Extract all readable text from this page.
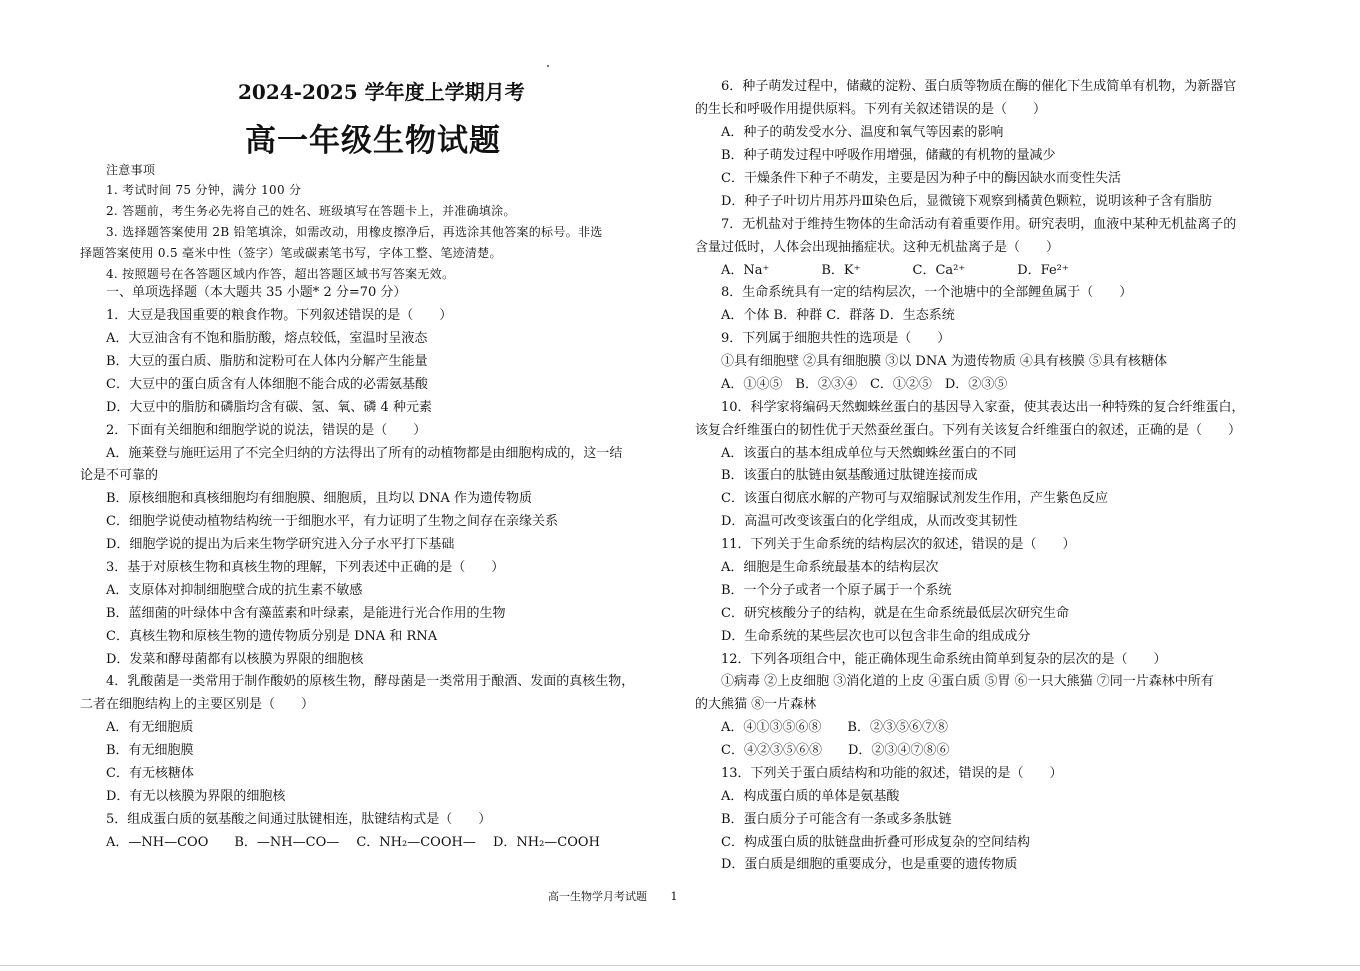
2024-2025 学年度上学期月考
高一年级生物试题
注意事项
1. 考试时间 75 分钟，满分 100 分
2. 答题前，考生务必先将自己的姓名、班级填写在答题卡上，并准确填涂。
3. 选择题答案使用 2B 铅笔填涂，如需改动，用橡皮擦净后，再选涂其他答案的标号。非选
择题答案使用 0.5 毫米中性（签字）笔或碳素笔书写，字体工整、笔迹清楚。
4. 按照题号在各答题区域内作答，超出答题区域书写答案无效。
一、单项选择题（本大题共 35 小题* 2 分=70 分）
1．大豆是我国重要的粮食作物。下列叙述错误的是（　　）
A．大豆油含有不饱和脂肪酸，熔点较低，室温时呈液态
B．大豆的蛋白质、脂肪和淀粉可在人体内分解产生能量
C．大豆中的蛋白质含有人体细胞不能合成的必需氨基酸
D．大豆中的脂肪和磷脂均含有碳、氢、氧、磷 4 种元素
2．下面有关细胞和细胞学说的说法，错误的是（　　）
A．施莱登与施旺运用了不完全归纳的方法得出了所有的动植物都是由细胞构成的，这一结
论是不可靠的
B．原核细胞和真核细胞均有细胞膜、细胞质，且均以 DNA 作为遗传物质
C．细胞学说使动植物结构统一于细胞水平，有力证明了生物之间存在亲缘关系
D．细胞学说的提出为后来生物学研究进入分子水平打下基础
3．基于对原核生物和真核生物的理解，下列表述中正确的是（　　）
A．支原体对抑制细胞壁合成的抗生素不敏感
B．蓝细菌的叶绿体中含有藻蓝素和叶绿素，是能进行光合作用的生物
C．真核生物和原核生物的遗传物质分别是 DNA 和 RNA
D．发菜和酵母菌都有以核膜为界限的细胞核
4．乳酸菌是一类常用于制作酸奶的原核生物，酵母菌是一类常用于酿酒、发面的真核生物，
二者在细胞结构上的主要区别是（　　）
A．有无细胞质
B．有无细胞膜
C．有无核糖体
D．有无以核膜为界限的细胞核
5．组成蛋白质的氨基酸之间通过肽键相连，肽键结构式是（　　）
A．—NH—COO　　B．—NH—CO—　 C．NH₂—COOH—　 D．NH₂—COOH
6．种子萌发过程中，储藏的淀粉、蛋白质等物质在酶的催化下生成简单有机物，为新器官
的生长和呼吸作用提供原料。下列有关叙述错误的是（　　）
A．种子的萌发受水分、温度和氧气等因素的影响
B．种子萌发过程中呼吸作用增强，储藏的有机物的量减少
C．干燥条件下种子不萌发，主要是因为种子中的酶因缺水而变性失活
D．种子子叶切片用苏丹Ⅲ染色后，显微镜下观察到橘黄色颗粒，说明该种子含有脂肪
7．无机盐对于维持生物体的生命活动有着重要作用。研究表明，血液中某种无机盐离子的
含量过低时，人体会出现抽搐症状。这种无机盐离子是（　　）
A．Na⁺　　　　B．K⁺　　　　C．Ca²⁺　　　　D．Fe²⁺
8．生命系统具有一定的结构层次，一个池塘中的全部鲤鱼属于（　　）
A．个体 B．种群 C．群落 D．生态系统
9．下列属于细胞共性的选项是（　　）
①具有细胞壁 ②具有细胞膜 ③以 DNA 为遗传物质 ④具有核膜 ⑤具有核糖体
A．①④⑤　B．②③④　C．①②⑤　D．②③⑤
10．科学家将编码天然蜘蛛丝蛋白的基因导入家蚕，使其表达出一种特殊的复合纤维蛋白，
该复合纤维蛋白的韧性优于天然蚕丝蛋白。下列有关该复合纤维蛋白的叙述，正确的是（　　）
A．该蛋白的基本组成单位与天然蜘蛛丝蛋白的不同
B．该蛋白的肽链由氨基酸通过肽键连接而成
C．该蛋白彻底水解的产物可与双缩脲试剂发生作用，产生紫色反应
D．高温可改变该蛋白的化学组成，从而改变其韧性
11．下列关于生命系统的结构层次的叙述，错误的是（　　）
A．细胞是生命系统最基本的结构层次
B．一个分子或者一个原子属于一个系统
C．研究核酸分子的结构，就是在生命系统最低层次研究生命
D．生命系统的某些层次也可以包含非生命的组成成分
12．下列各项组合中，能正确体现生命系统由简单到复杂的层次的是（　　）
①病毒 ②上皮细胞 ③消化道的上皮 ④蛋白质 ⑤胃 ⑥一只大熊猫 ⑦同一片森林中所有
的大熊猫 ⑧一片森林
A．④①③⑤⑥⑧　　B．②③⑤⑥⑦⑧
C．④②③⑤⑥⑧　　D．②③④⑦⑧⑥
13．下列关于蛋白质结构和功能的叙述，错误的是（　　）
A．构成蛋白质的单体是氨基酸
B．蛋白质分子可能含有一条或多条肽链
C．构成蛋白质的肽链盘曲折叠可形成复杂的空间结构
D．蛋白质是细胞的重要成分，也是重要的遗传物质
高一生物学月考试题 1
